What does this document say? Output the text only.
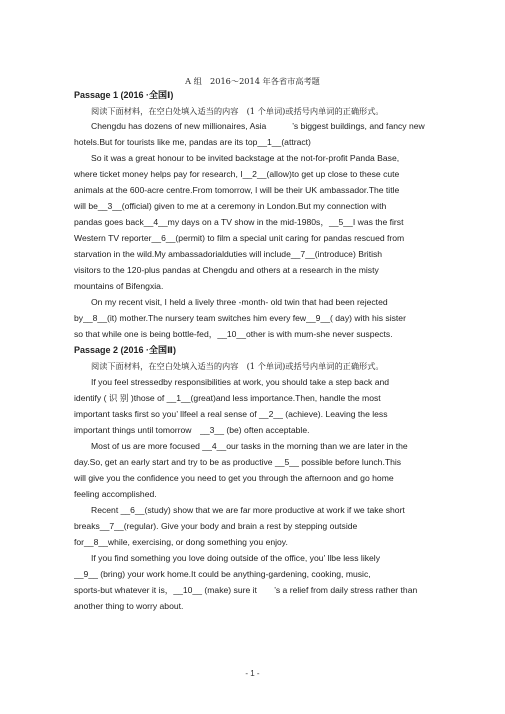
A 组　2016～2014 年各省市高考题
Passage 1 (2016 ·全国Ⅰ)
阅读下面材料，在空白处填入适当的内容　(1 个单词)或括号内单词的正确形式。
Chengdu has dozens of new millionaires, Asia　　　’s biggest buildings, and fancy new
hotels.But for tourists like me, pandas are its top__1__(attract)
So it was a great honour to be invited backstage at the not-for-profit Panda Base,
where ticket money helps pay for research, I__2__(allow)to get up close to these cute
animals at the 600-acre centre.From tomorrow, I will be their UK ambassador.The title
will be__3__(official) given to me at a ceremony in London.But my connection with
pandas goes back__4__my days on a TV show in the mid-1980s，__5__I was the first
Western TV reporter__6__(permit) to film a special unit caring for pandas rescued from
starvation in the wild.My ambassadorialduties will include__7__(introduce) British
visitors to the 120-plus pandas at Chengdu and others at a research in the misty
mountains of Bifengxia.
On my recent visit, I held a lively three -month- old twin that had been rejected
by__8__(it) mother.The nursery team switches him every few__9__( day) with his sister
so that while one is being bottle-fed，__10__other is with mum-she never suspects.
Passage 2 (2016 ·全国Ⅱ)
阅读下面材料，在空白处填入适当的内容　(1 个单词)或括号内单词的正确形式。
If you feel stressedby responsibilities at work, you should take a step back and
identify ( 识 别 )those of __1__(great)and less importance.Then, handle the most
important tasks first so you’ llfeel a real sense of __2__ (achieve). Leaving the less
important things until tomorrow　__3__ (be) often acceptable.
Most of us are more focused __4__our tasks in the morning than we are later in the
day.So, get an early start and try to be as productive __5__ possible before lunch.This
will give you the confidence you need to get you through the afternoon and go home
feeling accomplished.
Recent __6__(study) show that we are far more productive at work if we take short
breaks__7__(regular). Give your body and brain a rest by stepping outside
for__8__while, exercising, or dong something you enjoy.
If you find something you love doing outside of the office, you’ llbe less likely
__9__ (bring) your work home.It could be anything-gardening, cooking, music,
sports-but whatever it is，__10__ (make) sure it　　’s a relief from daily stress rather than
another thing to worry about.
- 1 -
